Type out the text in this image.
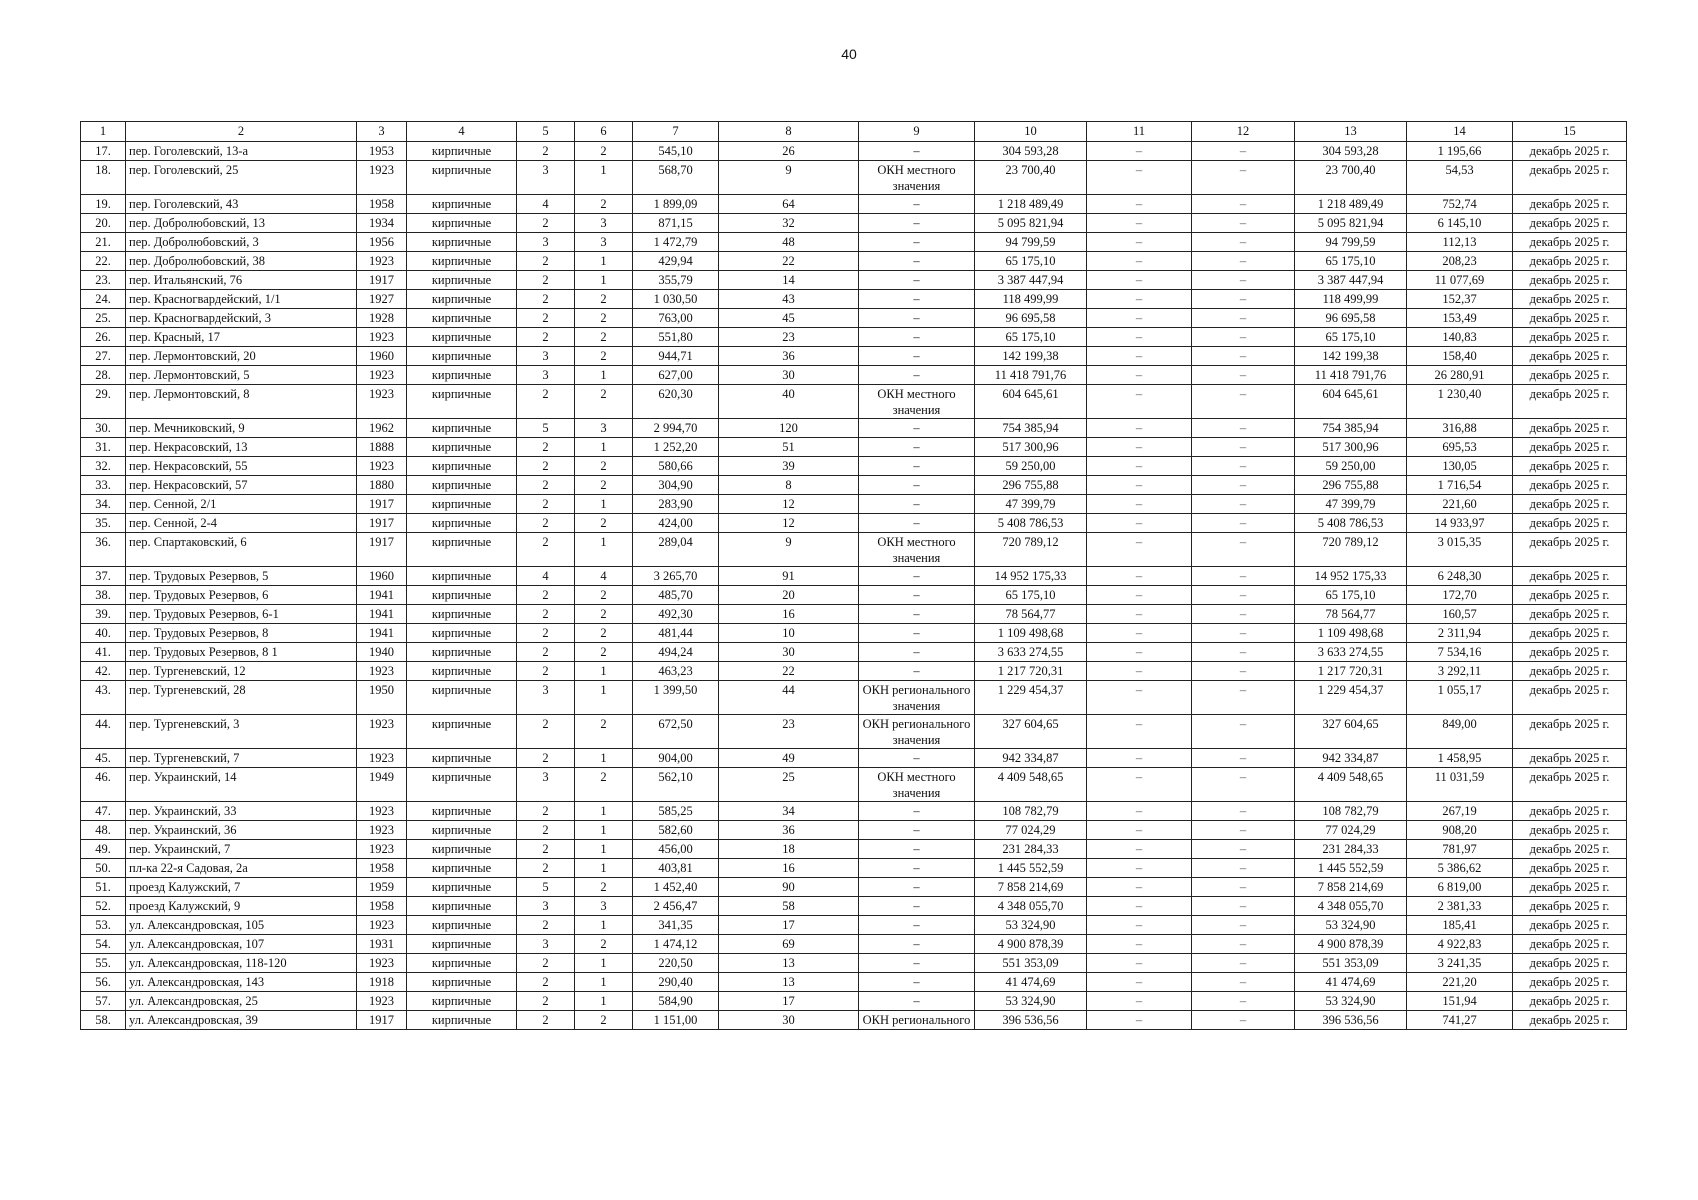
40
1	2	3	4	5	6	7	8	9	10	11	12	13	14	15
17.	пер. Гоголевский, 13-а	1953	кирпичные	2	2	545,10	26	–	304 593,28	–	–	304 593,28	1 195,66	декабрь 2025 г.
18.	пер. Гоголевский, 25	1923	кирпичные	3	1	568,70	9	ОКН местного значения	23 700,40	–	–	23 700,40	54,53	декабрь 2025 г.
19.	пер. Гоголевский, 43	1958	кирпичные	4	2	1 899,09	64	–	1 218 489,49	–	–	1 218 489,49	752,74	декабрь 2025 г.
20.	пер. Добролюбовский, 13	1934	кирпичные	2	3	871,15	32	–	5 095 821,94	–	–	5 095 821,94	6 145,10	декабрь 2025 г.
21.	пер. Добролюбовский, 3	1956	кирпичные	3	3	1 472,79	48	–	94 799,59	–	–	94 799,59	112,13	декабрь 2025 г.
22.	пер. Добролюбовский, 38	1923	кирпичные	2	1	429,94	22	–	65 175,10	–	–	65 175,10	208,23	декабрь 2025 г.
23.	пер. Итальянский, 76	1917	кирпичные	2	1	355,79	14	–	3 387 447,94	–	–	3 387 447,94	11 077,69	декабрь 2025 г.
24.	пер. Красногвардейский, 1/1	1927	кирпичные	2	2	1 030,50	43	–	118 499,99	–	–	118 499,99	152,37	декабрь 2025 г.
25.	пер. Красногвардейский, 3	1928	кирпичные	2	2	763,00	45	–	96 695,58	–	–	96 695,58	153,49	декабрь 2025 г.
26.	пер. Красный, 17	1923	кирпичные	2	2	551,80	23	–	65 175,10	–	–	65 175,10	140,83	декабрь 2025 г.
27.	пер. Лермонтовский, 20	1960	кирпичные	3	2	944,71	36	–	142 199,38	–	–	142 199,38	158,40	декабрь 2025 г.
28.	пер. Лермонтовский, 5	1923	кирпичные	3	1	627,00	30	–	11 418 791,76	–	–	11 418 791,76	26 280,91	декабрь 2025 г.
29.	пер. Лермонтовский, 8	1923	кирпичные	2	2	620,30	40	ОКН местного значения	604 645,61	–	–	604 645,61	1 230,40	декабрь 2025 г.
30.	пер. Мечниковский, 9	1962	кирпичные	5	3	2 994,70	120	–	754 385,94	–	–	754 385,94	316,88	декабрь 2025 г.
31.	пер. Некрасовский, 13	1888	кирпичные	2	1	1 252,20	51	–	517 300,96	–	–	517 300,96	695,53	декабрь 2025 г.
32.	пер. Некрасовский, 55	1923	кирпичные	2	2	580,66	39	–	59 250,00	–	–	59 250,00	130,05	декабрь 2025 г.
33.	пер. Некрасовский, 57	1880	кирпичные	2	2	304,90	8	–	296 755,88	–	–	296 755,88	1 716,54	декабрь 2025 г.
34.	пер. Сенной, 2/1	1917	кирпичные	2	1	283,90	12	–	47 399,79	–	–	47 399,79	221,60	декабрь 2025 г.
35.	пер. Сенной, 2-4	1917	кирпичные	2	2	424,00	12	–	5 408 786,53	–	–	5 408 786,53	14 933,97	декабрь 2025 г.
36.	пер. Спартаковский, 6	1917	кирпичные	2	1	289,04	9	ОКН местного значения	720 789,12	–	–	720 789,12	3 015,35	декабрь 2025 г.
37.	пер. Трудовых Резервов, 5	1960	кирпичные	4	4	3 265,70	91	–	14 952 175,33	–	–	14 952 175,33	6 248,30	декабрь 2025 г.
38.	пер. Трудовых Резервов, 6	1941	кирпичные	2	2	485,70	20	–	65 175,10	–	–	65 175,10	172,70	декабрь 2025 г.
39.	пер. Трудовых Резервов, 6-1	1941	кирпичные	2	2	492,30	16	–	78 564,77	–	–	78 564,77	160,57	декабрь 2025 г.
40.	пер. Трудовых Резервов, 8	1941	кирпичные	2	2	481,44	10	–	1 109 498,68	–	–	1 109 498,68	2 311,94	декабрь 2025 г.
41.	пер. Трудовых Резервов, 8 1	1940	кирпичные	2	2	494,24	30	–	3 633 274,55	–	–	3 633 274,55	7 534,16	декабрь 2025 г.
42.	пер. Тургеневский, 12	1923	кирпичные	2	1	463,23	22	–	1 217 720,31	–	–	1 217 720,31	3 292,11	декабрь 2025 г.
43.	пер. Тургеневский, 28	1950	кирпичные	3	1	1 399,50	44	ОКН регионального значения	1 229 454,37	–	–	1 229 454,37	1 055,17	декабрь 2025 г.
44.	пер. Тургеневский, 3	1923	кирпичные	2	2	672,50	23	ОКН регионального значения	327 604,65	–	–	327 604,65	849,00	декабрь 2025 г.
45.	пер. Тургеневский, 7	1923	кирпичные	2	1	904,00	49	–	942 334,87	–	–	942 334,87	1 458,95	декабрь 2025 г.
46.	пер. Украинский, 14	1949	кирпичные	3	2	562,10	25	ОКН местного значения	4 409 548,65	–	–	4 409 548,65	11 031,59	декабрь 2025 г.
47.	пер. Украинский, 33	1923	кирпичные	2	1	585,25	34	–	108 782,79	–	–	108 782,79	267,19	декабрь 2025 г.
48.	пер. Украинский, 36	1923	кирпичные	2	1	582,60	36	–	77 024,29	–	–	77 024,29	908,20	декабрь 2025 г.
49.	пер. Украинский, 7	1923	кирпичные	2	1	456,00	18	–	231 284,33	–	–	231 284,33	781,97	декабрь 2025 г.
50.	пл-ка 22-я Садовая, 2а	1958	кирпичные	2	1	403,81	16	–	1 445 552,59	–	–	1 445 552,59	5 386,62	декабрь 2025 г.
51.	проезд Калужский, 7	1959	кирпичные	5	2	1 452,40	90	–	7 858 214,69	–	–	7 858 214,69	6 819,00	декабрь 2025 г.
52.	проезд Калужский, 9	1958	кирпичные	3	3	2 456,47	58	–	4 348 055,70	–	–	4 348 055,70	2 381,33	декабрь 2025 г.
53.	ул. Александровская, 105	1923	кирпичные	2	1	341,35	17	–	53 324,90	–	–	53 324,90	185,41	декабрь 2025 г.
54.	ул. Александровская, 107	1931	кирпичные	3	2	1 474,12	69	–	4 900 878,39	–	–	4 900 878,39	4 922,83	декабрь 2025 г.
55.	ул. Александровская, 118-120	1923	кирпичные	2	1	220,50	13	–	551 353,09	–	–	551 353,09	3 241,35	декабрь 2025 г.
56.	ул. Александровская, 143	1918	кирпичные	2	1	290,40	13	–	41 474,69	–	–	41 474,69	221,20	декабрь 2025 г.
57.	ул. Александровская, 25	1923	кирпичные	2	1	584,90	17	–	53 324,90	–	–	53 324,90	151,94	декабрь 2025 г.
58.	ул. Александровская, 39	1917	кирпичные	2	2	1 151,00	30	ОКН регионального	396 536,56	–	–	396 536,56	741,27	декабрь 2025 г.
